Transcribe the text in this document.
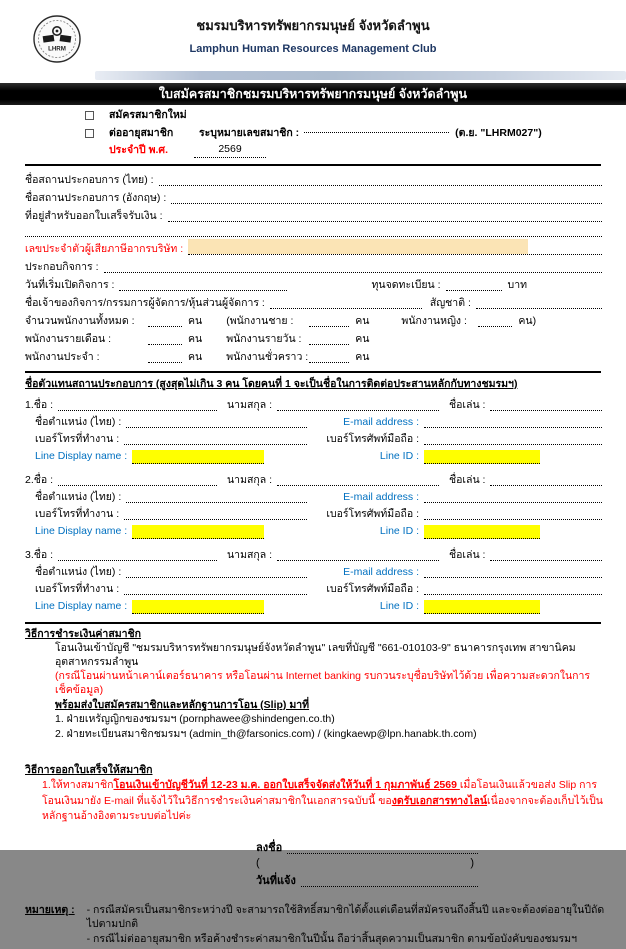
LHRM
ชมรมบริหารทรัพยากรมนุษย์ จังหวัดลำพูน
Lamphun Human Resources Management Club
ใบสมัครสมาชิกชมรมบริหารทรัพยากรมนุษย์ จังหวัดลำพูน
สมัครสมาชิกใหม่
ต่ออายุสมาชิก	ระบุหมายเลขสมาชิก :	(ต.ย. "LHRM027")
ประจำปี พ.ศ.	2569
ชื่อสถานประกอบการ (ไทย) :
ชื่อสถานประกอบการ (อังกฤษ) :
ที่อยู่สำหรับออกใบเสร็จรับเงิน :
เลขประจำตัวผู้เสียภาษีอากรบริษัท :
ประกอบกิจการ :
วันที่เริ่มเปิดกิจการ :	ทุนจดทะเบียน :	บาท
ชื่อเจ้าของกิจการ/กรรมการผู้จัดการ/หุ้นส่วนผู้จัดการ :	สัญชาติ :
จำนวนพนักงานทั้งหมด :	คน (พนักงานชาย :	คน	พนักงานหญิง :	คน)
พนักงานรายเดือน :	คน พนักงานรายวัน :	คน
พนักงานประจำ :	คน พนักงานชั่วคราว :	คน
ชื่อตัวแทนสถานประกอบการ (สูงสุดไม่เกิน 3 คน โดยคนที่ 1 จะเป็นชื่อในการติดต่อประสานหลักกับทางชมรมฯ)
1.ชื่อ :	นามสกุล :	ชื่อเล่น :
ชื่อตำแหน่ง (ไทย) :	E-mail address :
เบอร์โทรที่ทำงาน :	เบอร์โทรศัพท์มือถือ :
Line Display name :	Line ID :
2.ชื่อ :	นามสกุล :	ชื่อเล่น :
ชื่อตำแหน่ง (ไทย) :	E-mail address :
เบอร์โทรที่ทำงาน :	เบอร์โทรศัพท์มือถือ :
Line Display name :	Line ID :
3.ชื่อ :	นามสกุล :	ชื่อเล่น :
ชื่อตำแหน่ง (ไทย) :	E-mail address :
เบอร์โทรที่ทำงาน :	เบอร์โทรศัพท์มือถือ :
Line Display name :	Line ID :
วิธีการชำระเงินค่าสมาชิก
โอนเงินเข้าบัญชี "ชมรมบริหารทรัพยากรมนุษย์จังหวัดลำพูน" เลขที่บัญชี "661-010103-9" ธนาคารกรุงเทพ สาขานิคมอุตสาหกรรมลำพูน
(กรณีโอนผ่านหน้าเคาน์เตอร์ธนาคาร หรือโอนผ่าน Internet banking รบกวนระบุชื่อบริษัทไว้ด้วย เพื่อความสะดวกในการเช็คข้อมูล)
พร้อมส่งใบสมัครสมาชิกและหลักฐานการโอน (Slip) มาที่
1. ฝ่ายเหรัญญิกของชมรมฯ (pornphawee@shindengen.co.th)
2. ฝ่ายทะเบียนสมาชิกชมรมฯ (admin_th@farsonics.com) / (kingkaewp@lpn.hanabk.th.com)
วิธีการออกใบเสร็จให้สมาชิก
1.ให้ทางสมาชิกโอนเงินเข้าบัญชีวันที่ 12-23 ม.ค. ออกใบเสร็จจัดส่งให้วันที่ 1 กุมภาพันธ์ 2569 เมื่อโอนเงินแล้วขอส่ง Slip การโอนเงินมายัง E-mail ที่แจ้งไว้ในวิธีการชำระเงินค่าสมาชิกในเอกสารฉบับนี้ ของดรับเอกสารทางไลน์เนื่องจากจะต้องเก็บไว้เป็นหลักฐานอ้างอิงตามระบบต่อไปค่ะ
ลงชื่อ
(	)
วันที่แจ้ง
หมายเหตุ : - กรณีสมัครเป็นสมาชิกระหว่างปี จะสามารถใช้สิทธิ์สมาชิกได้ตั้งแต่เดือนที่สมัครจนถึงสิ้นปี และจะต้องต่ออายุในปีถัดไปตามปกติ
- กรณีไม่ต่ออายุสมาชิก หรือค้างชำระค่าสมาชิกในปีนั้น ถือว่าสิ้นสุดความเป็นสมาชิก ตามข้อบังคับของชมรมฯ
